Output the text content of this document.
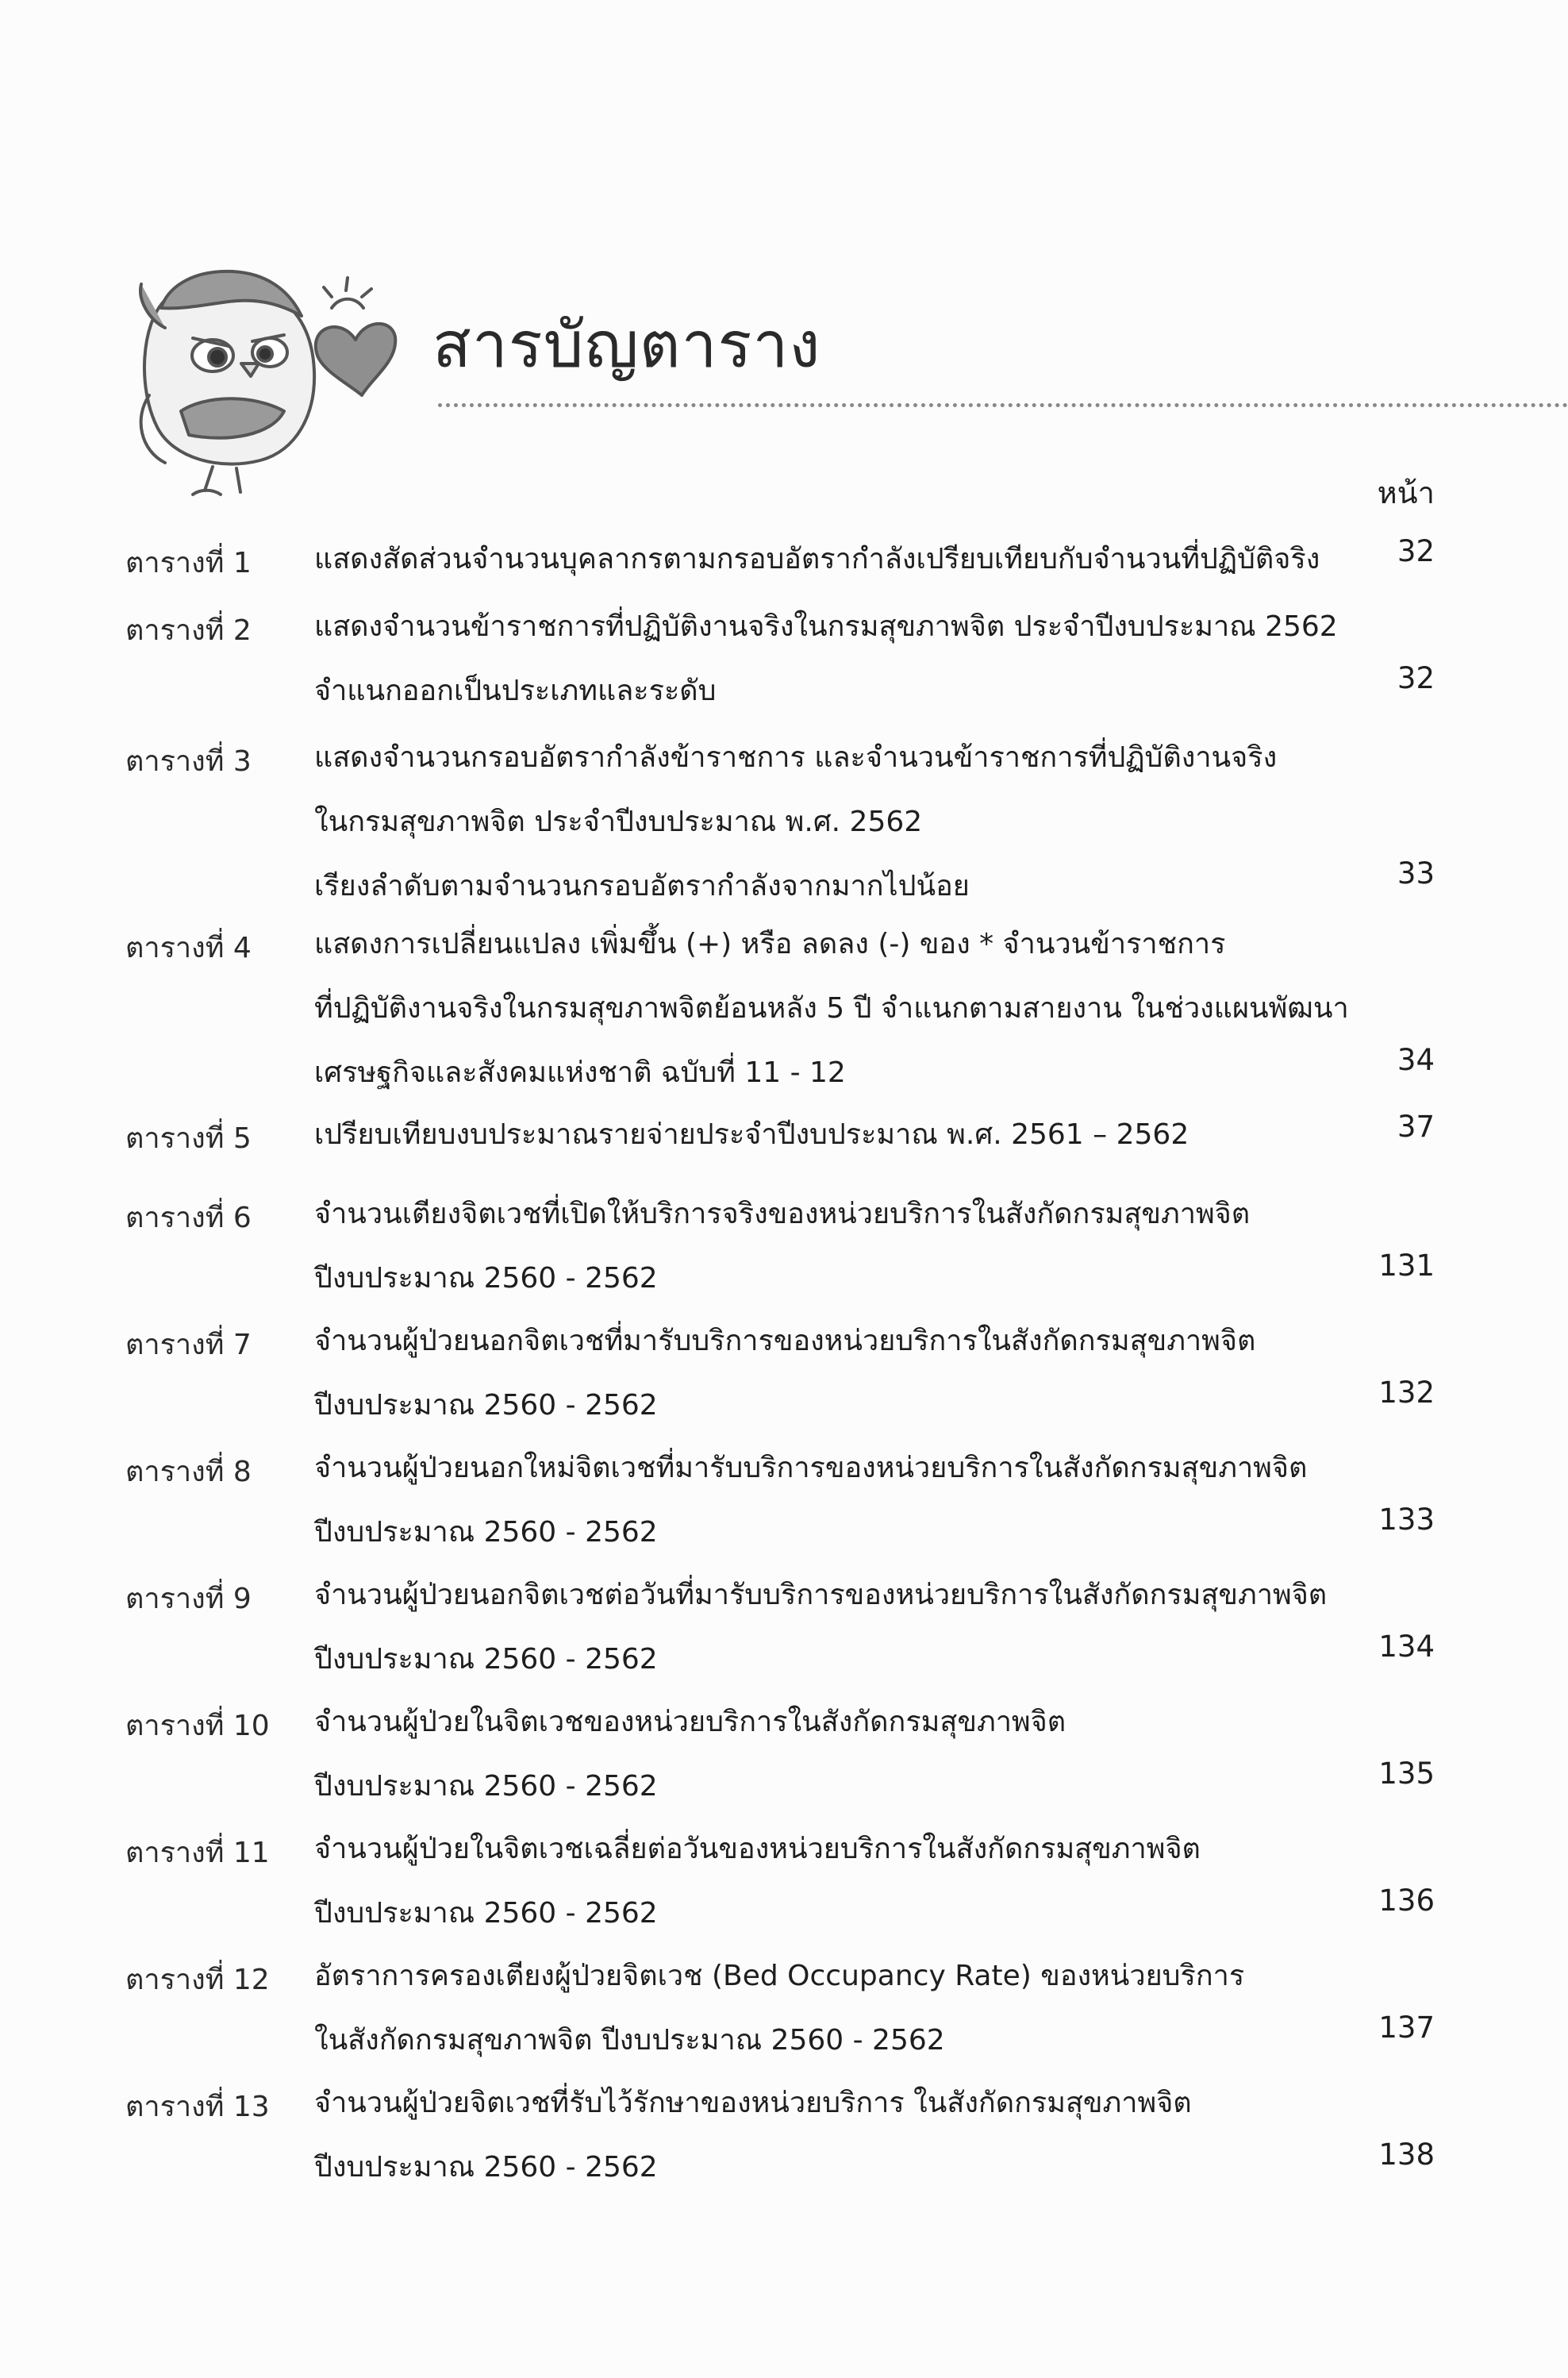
สารบัญตาราง
หน้า
ตารางที่ 1 แสดงสัดส่วนจำนวนบุคลากรตามกรอบอัตรากำลังเปรียบเทียบกับจำนวนที่ปฏิบัติจริง	32
ตารางที่ 2 แสดงจำนวนข้าราชการที่ปฏิบัติงานจริงในกรมสุขภาพจิต ประจำปีงบประมาณ 2562
จำแนกออกเป็นประเภทและระดับ	32
ตารางที่ 3 แสดงจำนวนกรอบอัตรากำลังข้าราชการ และจำนวนข้าราชการที่ปฏิบัติงานจริง
ในกรมสุขภาพจิต ประจำปีงบประมาณ พ.ศ. 2562
เรียงลำดับตามจำนวนกรอบอัตรากำลังจากมากไปน้อย	33
ตารางที่ 4 แสดงการเปลี่ยนแปลง เพิ่มขึ้น (+) หรือ ลดลง (-) ของ * จำนวนข้าราชการ
ที่ปฏิบัติงานจริงในกรมสุขภาพจิตย้อนหลัง 5 ปี จำแนกตามสายงาน ในช่วงแผนพัฒนา
เศรษฐกิจและสังคมแห่งชาติ ฉบับที่ 11 - 12	34
ตารางที่ 5 เปรียบเทียบงบประมาณรายจ่ายประจำปีงบประมาณ พ.ศ. 2561 – 2562	37
ตารางที่ 6 จำนวนเตียงจิตเวชที่เปิดให้บริการจริงของหน่วยบริการในสังกัดกรมสุขภาพจิต
ปีงบประมาณ 2560 - 2562	131
ตารางที่ 7 จำนวนผู้ป่วยนอกจิตเวชที่มารับบริการของหน่วยบริการในสังกัดกรมสุขภาพจิต
ปีงบประมาณ 2560 - 2562	132
ตารางที่ 8 จำนวนผู้ป่วยนอกใหม่จิตเวชที่มารับบริการของหน่วยบริการในสังกัดกรมสุขภาพจิต
ปีงบประมาณ 2560 - 2562	133
ตารางที่ 9 จำนวนผู้ป่วยนอกจิตเวชต่อวันที่มารับบริการของหน่วยบริการในสังกัดกรมสุขภาพจิต
ปีงบประมาณ 2560 - 2562	134
ตารางที่ 10 จำนวนผู้ป่วยในจิตเวชของหน่วยบริการในสังกัดกรมสุขภาพจิต
ปีงบประมาณ 2560 - 2562	135
ตารางที่ 11 จำนวนผู้ป่วยในจิตเวชเฉลี่ยต่อวันของหน่วยบริการในสังกัดกรมสุขภาพจิต
ปีงบประมาณ 2560 - 2562	136
ตารางที่ 12 อัตราการครองเตียงผู้ป่วยจิตเวช (Bed Occupancy Rate) ของหน่วยบริการ
ในสังกัดกรมสุขภาพจิต ปีงบประมาณ 2560 - 2562	137
ตารางที่ 13 จำนวนผู้ป่วยจิตเวชที่รับไว้รักษาของหน่วยบริการ ในสังกัดกรมสุขภาพจิต
ปีงบประมาณ 2560 - 2562	138
